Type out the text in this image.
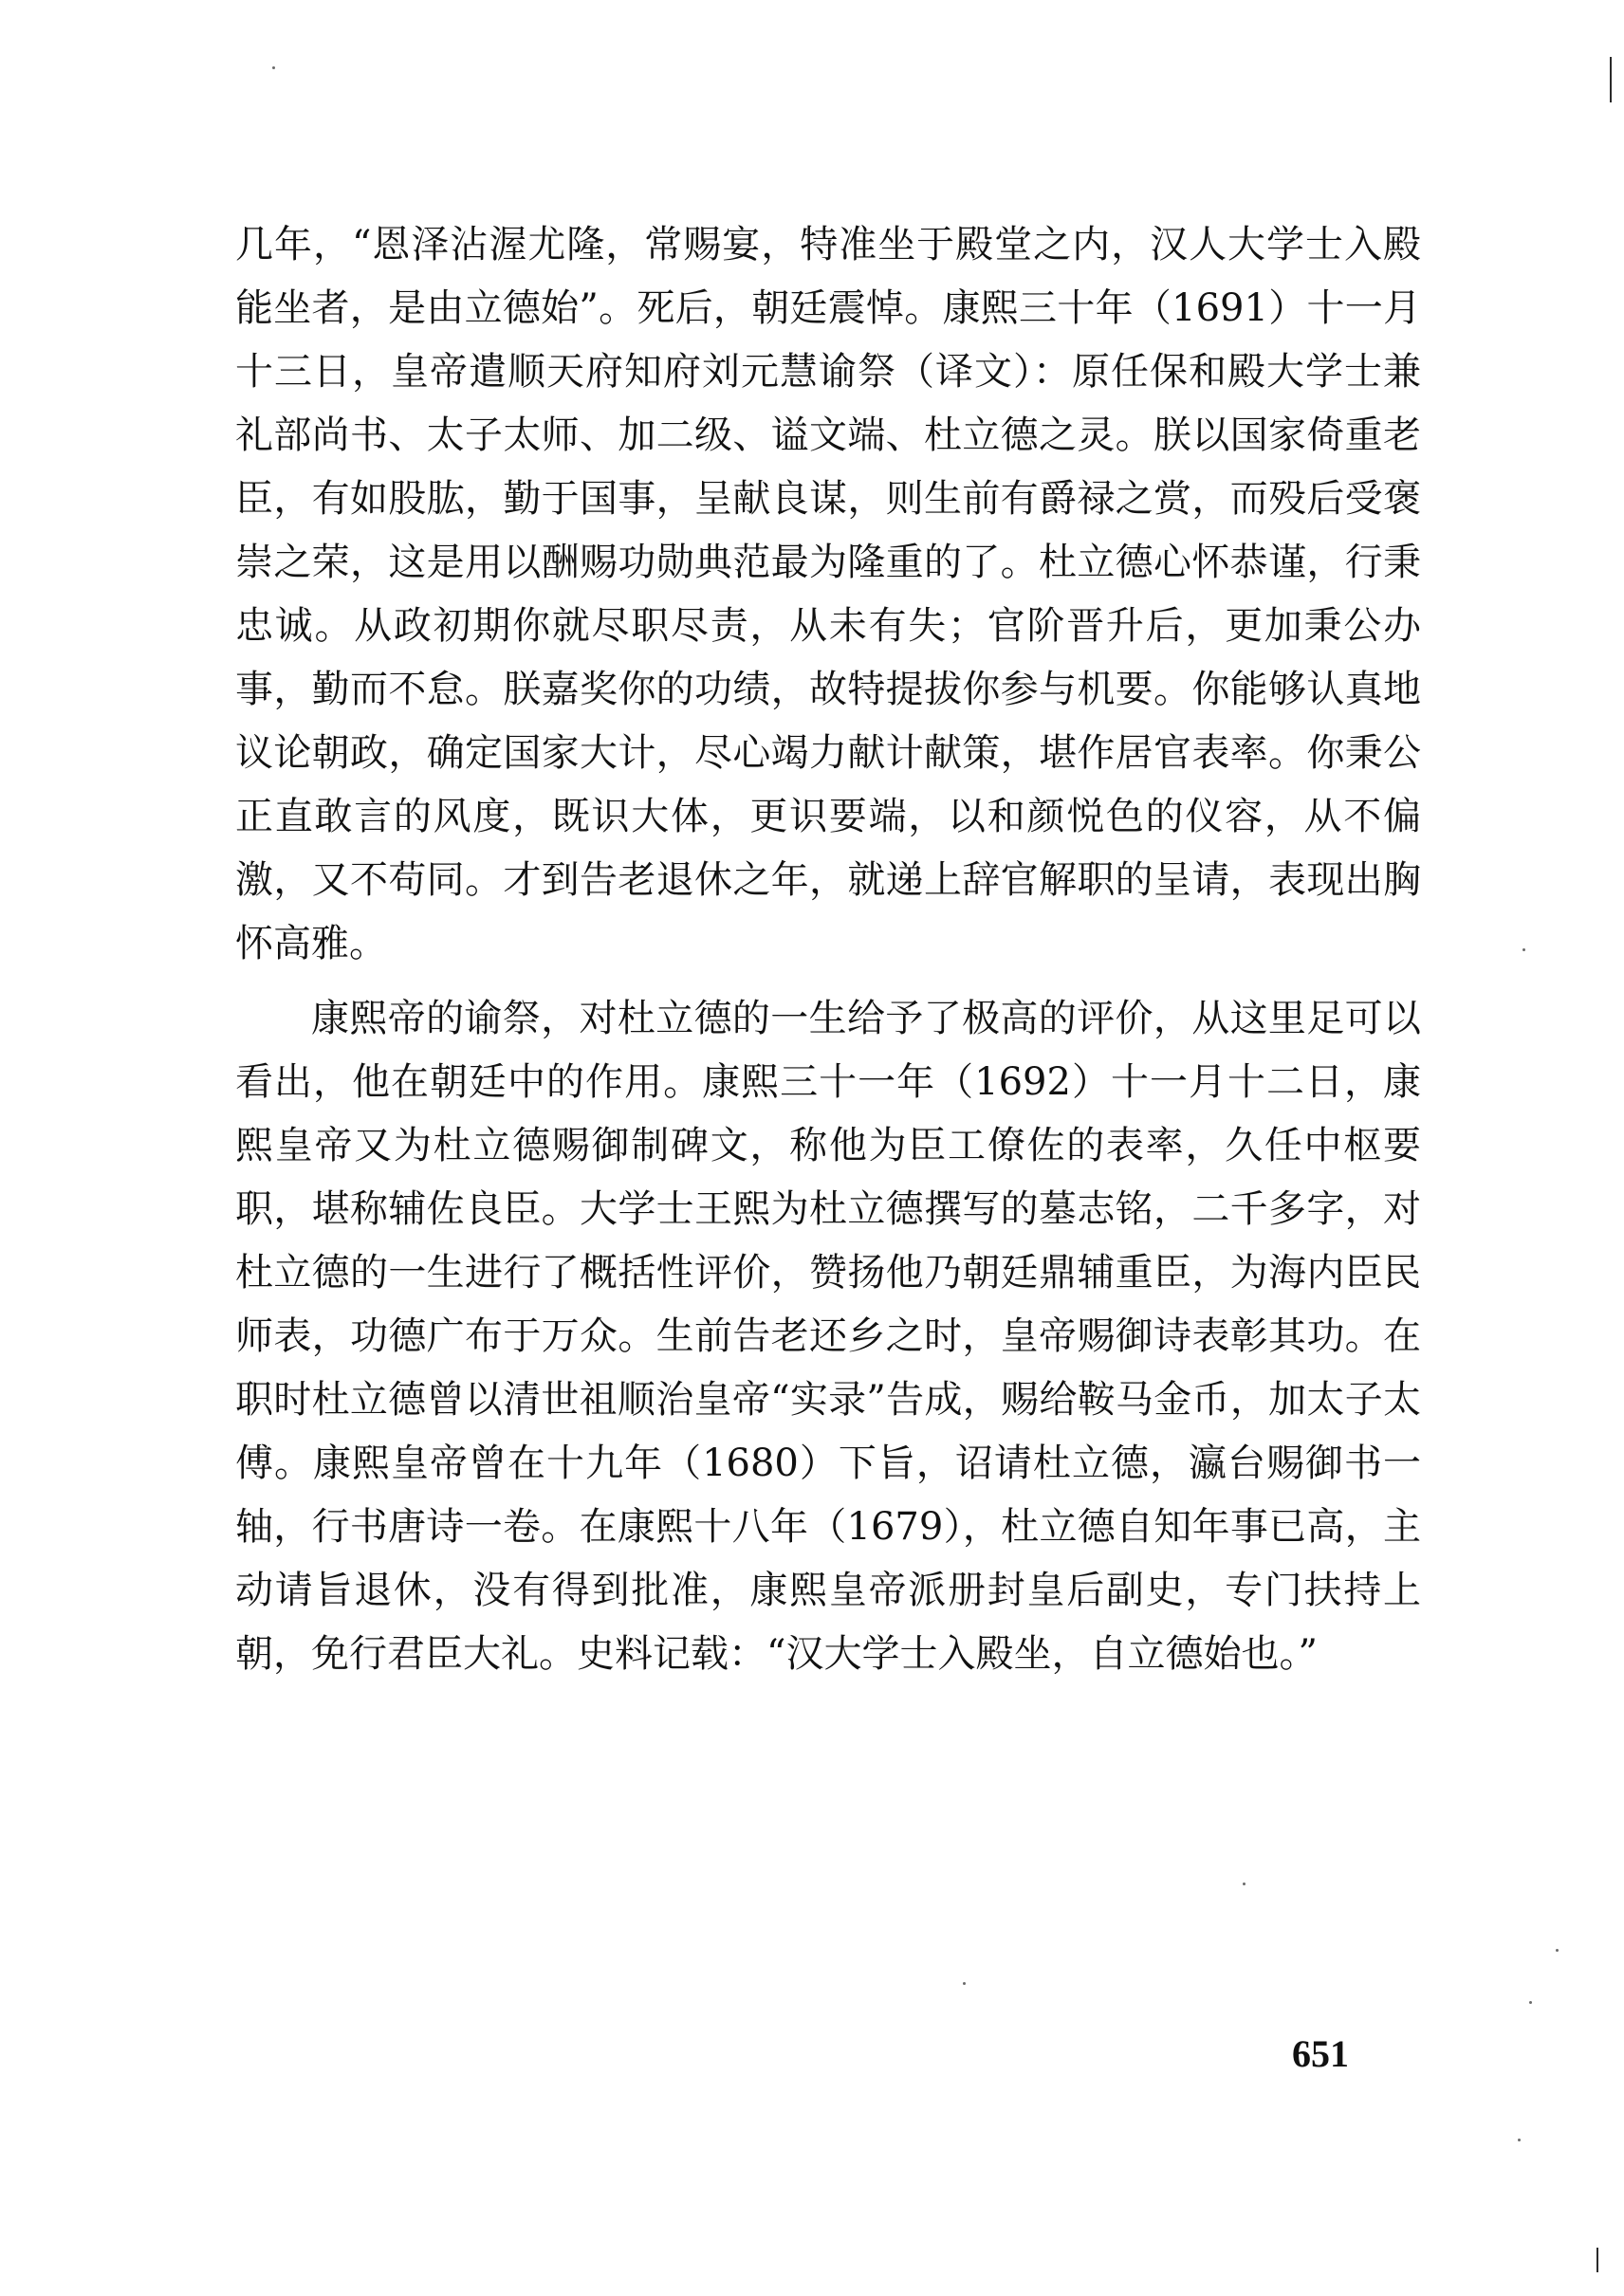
几年，“恩泽沾渥尤隆，常赐宴，特准坐于殿堂之内，汉人大学士入殿能坐者，是由立德始”。死后，朝廷震悼。康熙三十年（1691）十一月十三日，皇帝遣顺天府知府刘元慧谕祭（译文）：原任保和殿大学士兼礼部尚书、太子太师、加二级、谥文端、杜立德之灵。朕以国家倚重老臣，有如股肱，勤于国事，呈献良谋，则生前有爵禄之赏，而殁后受褒崇之荣，这是用以酬赐功勋典范最为隆重的了。杜立德心怀恭谨，行秉忠诚。从政初期你就尽职尽责，从未有失；官阶晋升后，更加秉公办事，勤而不怠。朕嘉奖你的功绩，故特提拔你参与机要。你能够认真地议论朝政，确定国家大计，尽心竭力献计献策，堪作居官表率。你秉公正直敢言的风度，既识大体，更识要端，以和颜悦色的仪容，从不偏激，又不苟同。才到告老退休之年，就递上辞官解职的呈请，表现出胸怀高雅。

康熙帝的谕祭，对杜立德的一生给予了极高的评价，从这里足可以看出，他在朝廷中的作用。康熙三十一年（1692）十一月十二日，康熙皇帝又为杜立德赐御制碑文，称他为臣工僚佐的表率，久任中枢要职，堪称辅佐良臣。大学士王熙为杜立德撰写的墓志铭，二千多字，对杜立德的一生进行了概括性评价，赞扬他乃朝廷鼎辅重臣，为海内臣民师表，功德广布于万众。生前告老还乡之时，皇帝赐御诗表彰其功。在职时杜立德曾以清世祖顺治皇帝“实录”告成，赐给鞍马金币，加太子太傅。康熙皇帝曾在十九年（1680）下旨，诏请杜立德，瀛台赐御书一轴，行书唐诗一卷。在康熙十八年（1679），杜立德自知年事已高，主动请旨退休，没有得到批准，康熙皇帝派册封皇后副史，专门扶持上朝，免行君臣大礼。史料记载：“汉大学士入殿坐，自立德始也。”

651
